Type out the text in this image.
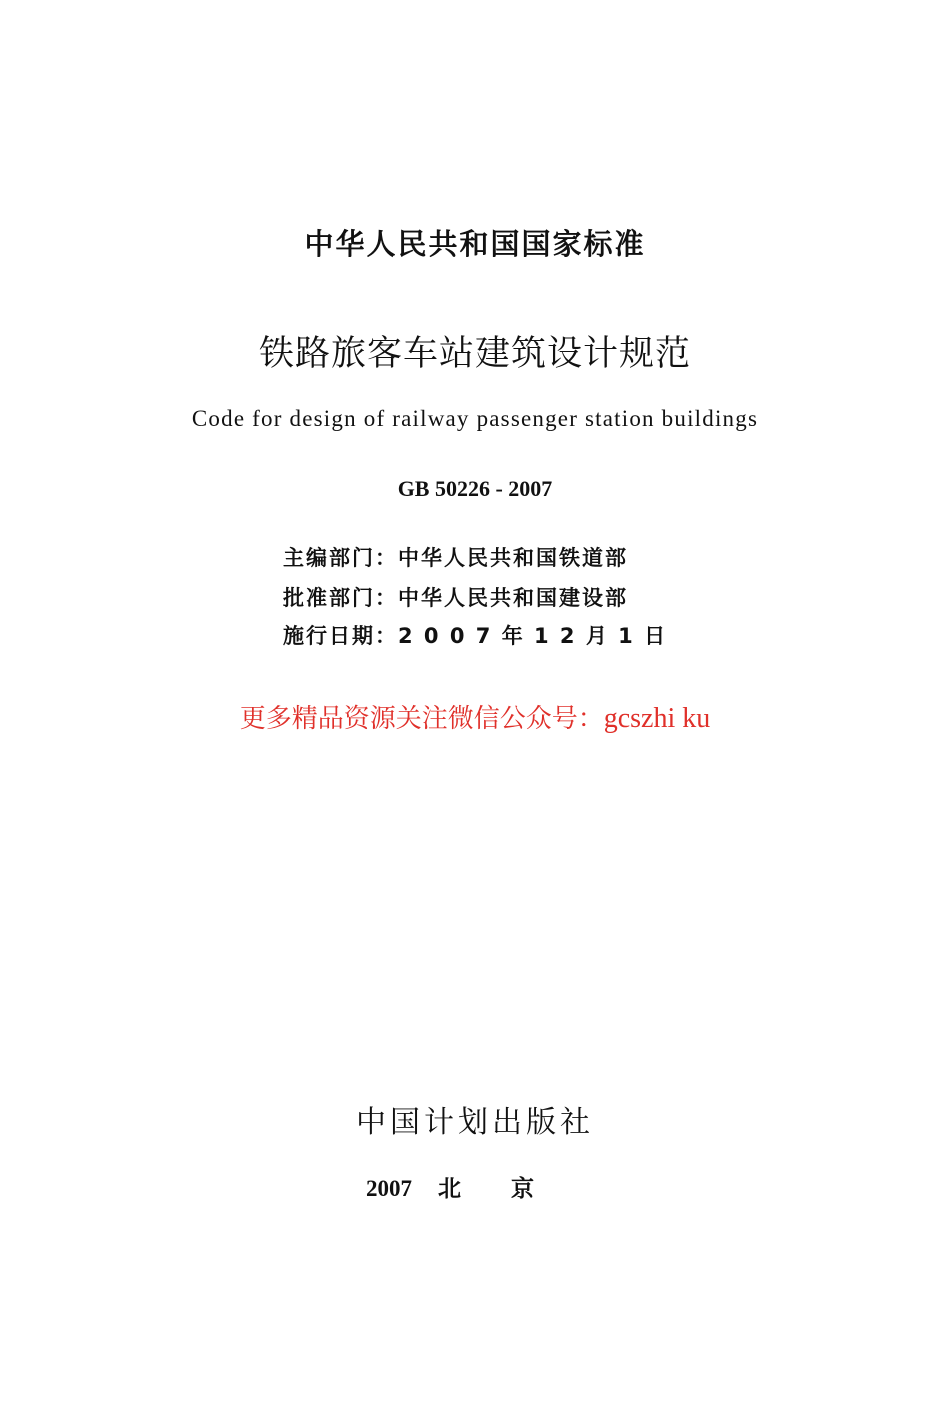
中华人民共和国国家标准
铁路旅客车站建筑设计规范
Code for design of railway passenger station buildings
GB 50226 - 2007
主编部门：中华人民共和国铁道部
批准部门：中华人民共和国建设部
施行日期：2 0 0 7 年 1 2 月 1 日
更多精品资源关注微信公众号：gcszhi ku
中国计划出版社
2007 北京
